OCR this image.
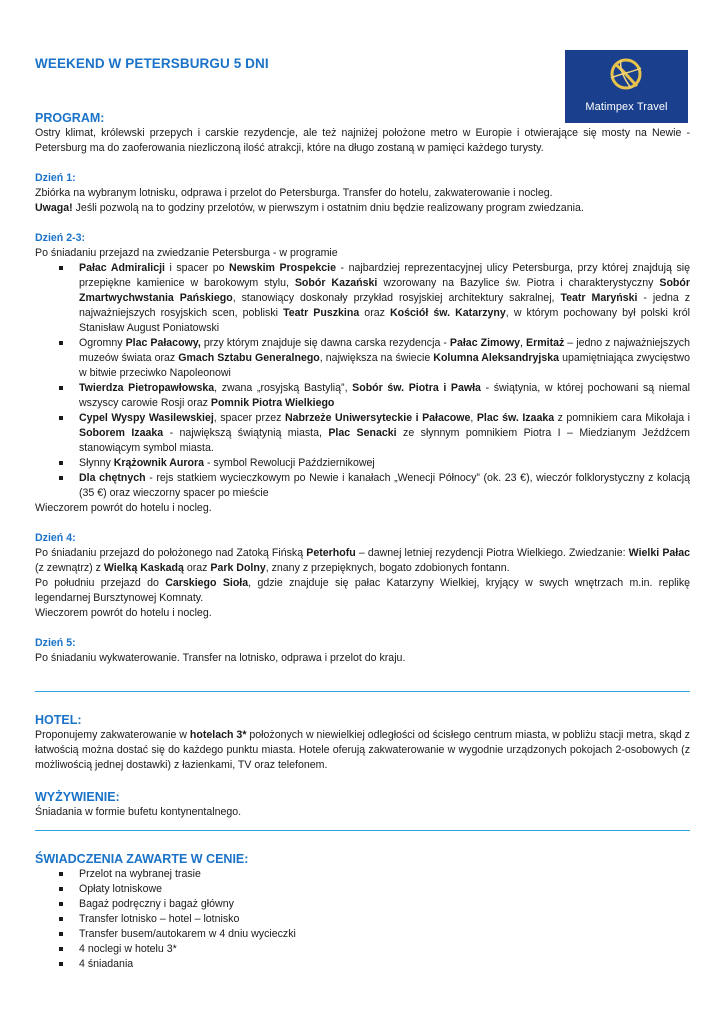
WEEKEND W PETERSBURGU 5 DNI
Matimpex Travel
PROGRAM:

Ostry klimat, królewski przepych i carskie rezydencje, ale też najniżej położone metro w Europie i otwierające się mosty na Newie - Petersburg ma do zaoferowania niezliczoną ilość atrakcji, które na długo zostaną w pamięci każdego turysty.

Dzień 1:

Zbiórka na wybranym lotnisku, odprawa i przelot do Petersburga. Transfer do hotelu, zakwaterowanie i nocleg.

Uwaga! Jeśli pozwolą na to godziny przelotów, w pierwszym i ostatnim dniu będzie realizowany program zwiedzania.

Dzień 2-3:

Po śniadaniu przejazd na zwiedzanie Petersburga - w programie

Pałac Admiralicji i spacer po Newskim Prospekcie - najbardziej reprezentacyjnej ulicy Petersburga, przy której znajdują się przepiękne kamienice w barokowym stylu, Sobór Kazański wzorowany na Bazylice św. Piotra i charakterystyczny Sobór Zmartwychwstania Pańskiego, stanowiący doskonały przykład rosyjskiej architektury sakralnej, Teatr Maryński - jedna z najważniejszych rosyjskich scen, pobliski Teatr Puszkina oraz Kościół św. Katarzyny, w którym pochowany był polski król Stanisław August Poniatowski
Ogromny Plac Pałacowy, przy którym znajduje się dawna carska rezydencja - Pałac Zimowy, Ermitaż – jedno z najważniejszych muzeów świata oraz Gmach Sztabu Generalnego, największa na świecie Kolumna Aleksandryjska upamiętniająca zwycięstwo w bitwie przeciwko Napoleonowi
Twierdza Pietropawłowska, zwana „rosyjską Bastylią”, Sobór św. Piotra i Pawła - świątynia, w której pochowani są niemal wszyscy carowie Rosji oraz Pomnik Piotra Wielkiego
Cypel Wyspy Wasilewskiej, spacer przez Nabrzeże Uniwersyteckie i Pałacowe, Plac św. Izaaka z pomnikiem cara Mikołaja i Soborem Izaaka - największą świątynią miasta, Plac Senacki ze słynnym pomnikiem Piotra I – Miedzianym Jeźdźcem stanowiącym symbol miasta.
Słynny Krążownik Aurora - symbol Rewolucji Październikowej
Dla chętnych - rejs statkiem wycieczkowym po Newie i kanałach „Wenecji Północy” (ok. 23 €), wieczór folklorystyczny z kolacją (35 €) oraz wieczorny spacer po mieście

Wieczorem powrót do hotelu i nocleg.

Dzień 4:

Po śniadaniu przejazd do położonego nad Zatoką Fińską Peterhofu – dawnej letniej rezydencji Piotra Wielkiego. Zwiedzanie: Wielki Pałac (z zewnątrz) z Wielką Kaskadą oraz Park Dolny, znany z przepięknych, bogato zdobionych fontann.

Po południu przejazd do Carskiego Sioła, gdzie znajduje się pałac Katarzyny Wielkiej, kryjący w swych wnętrzach m.in. replikę legendarnej Bursztynowej Komnaty.

Wieczorem powrót do hotelu i nocleg.

Dzień 5:

Po śniadaniu wykwaterowanie. Transfer na lotnisko, odprawa i przelot do kraju.

HOTEL:

Proponujemy zakwaterowanie w hotelach 3* położonych w niewielkiej odległości od ścisłego centrum miasta, w pobliżu stacji metra, skąd z łatwością można dostać się do każdego punktu miasta. Hotele oferują zakwaterowanie w wygodnie urządzonych pokojach 2-osobowych (z możliwością jednej dostawki) z łazienkami, TV oraz telefonem.

WYŻYWIENIE:

Śniadania w formie bufetu kontynentalnego.

ŚWIADCZENIA ZAWARTE W CENIE:
Przelot na wybranej trasie
Opłaty lotniskowe
Bagaż podręczny i bagaż główny
Transfer lotnisko – hotel – lotnisko
Transfer busem/autokarem w 4 dniu wycieczki
4 noclegi w hotelu 3*
4 śniadania
